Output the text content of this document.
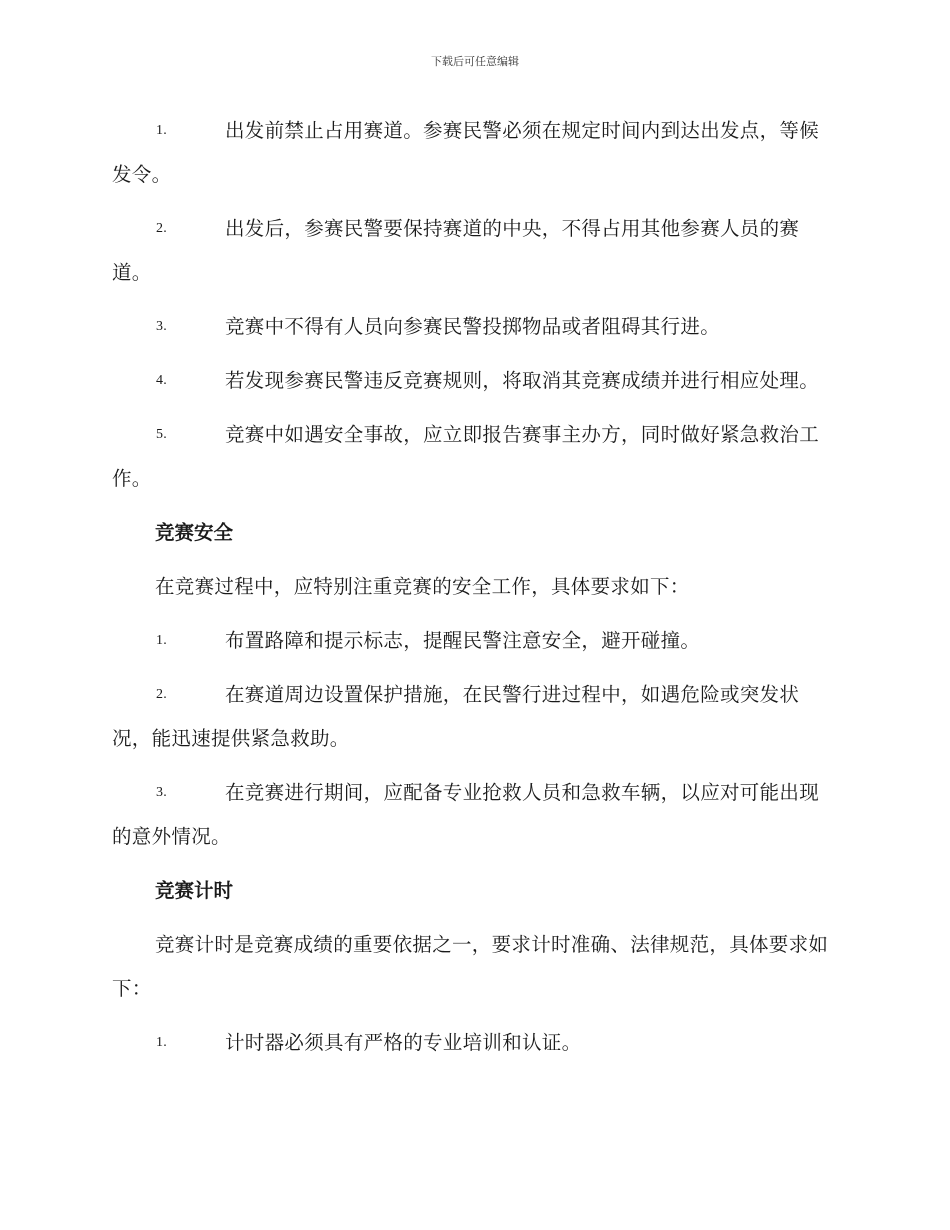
下载后可任意编辑
1.	出发前禁止占用赛道。参赛民警必须在规定时间内到达出发点，等候发令。
2.	出发后，参赛民警要保持赛道的中央，不得占用其他参赛人员的赛道。
3.	竞赛中不得有人员向参赛民警投掷物品或者阻碍其行进。
4.	若发现参赛民警违反竞赛规则，将取消其竞赛成绩并进行相应处理。
5.	竞赛中如遇安全事故，应立即报告赛事主办方，同时做好紧急救治工作。
竞赛安全
在竞赛过程中，应特别注重竞赛的安全工作，具体要求如下：
1.	布置路障和提示标志，提醒民警注意安全，避开碰撞。
2.	在赛道周边设置保护措施，在民警行进过程中，如遇危险或突发状况，能迅速提供紧急救助。
3.	在竞赛进行期间，应配备专业抢救人员和急救车辆，以应对可能出现的意外情况。
竞赛计时
竞赛计时是竞赛成绩的重要依据之一，要求计时准确、法律规范，具体要求如下：
1.	计时器必须具有严格的专业培训和认证。
